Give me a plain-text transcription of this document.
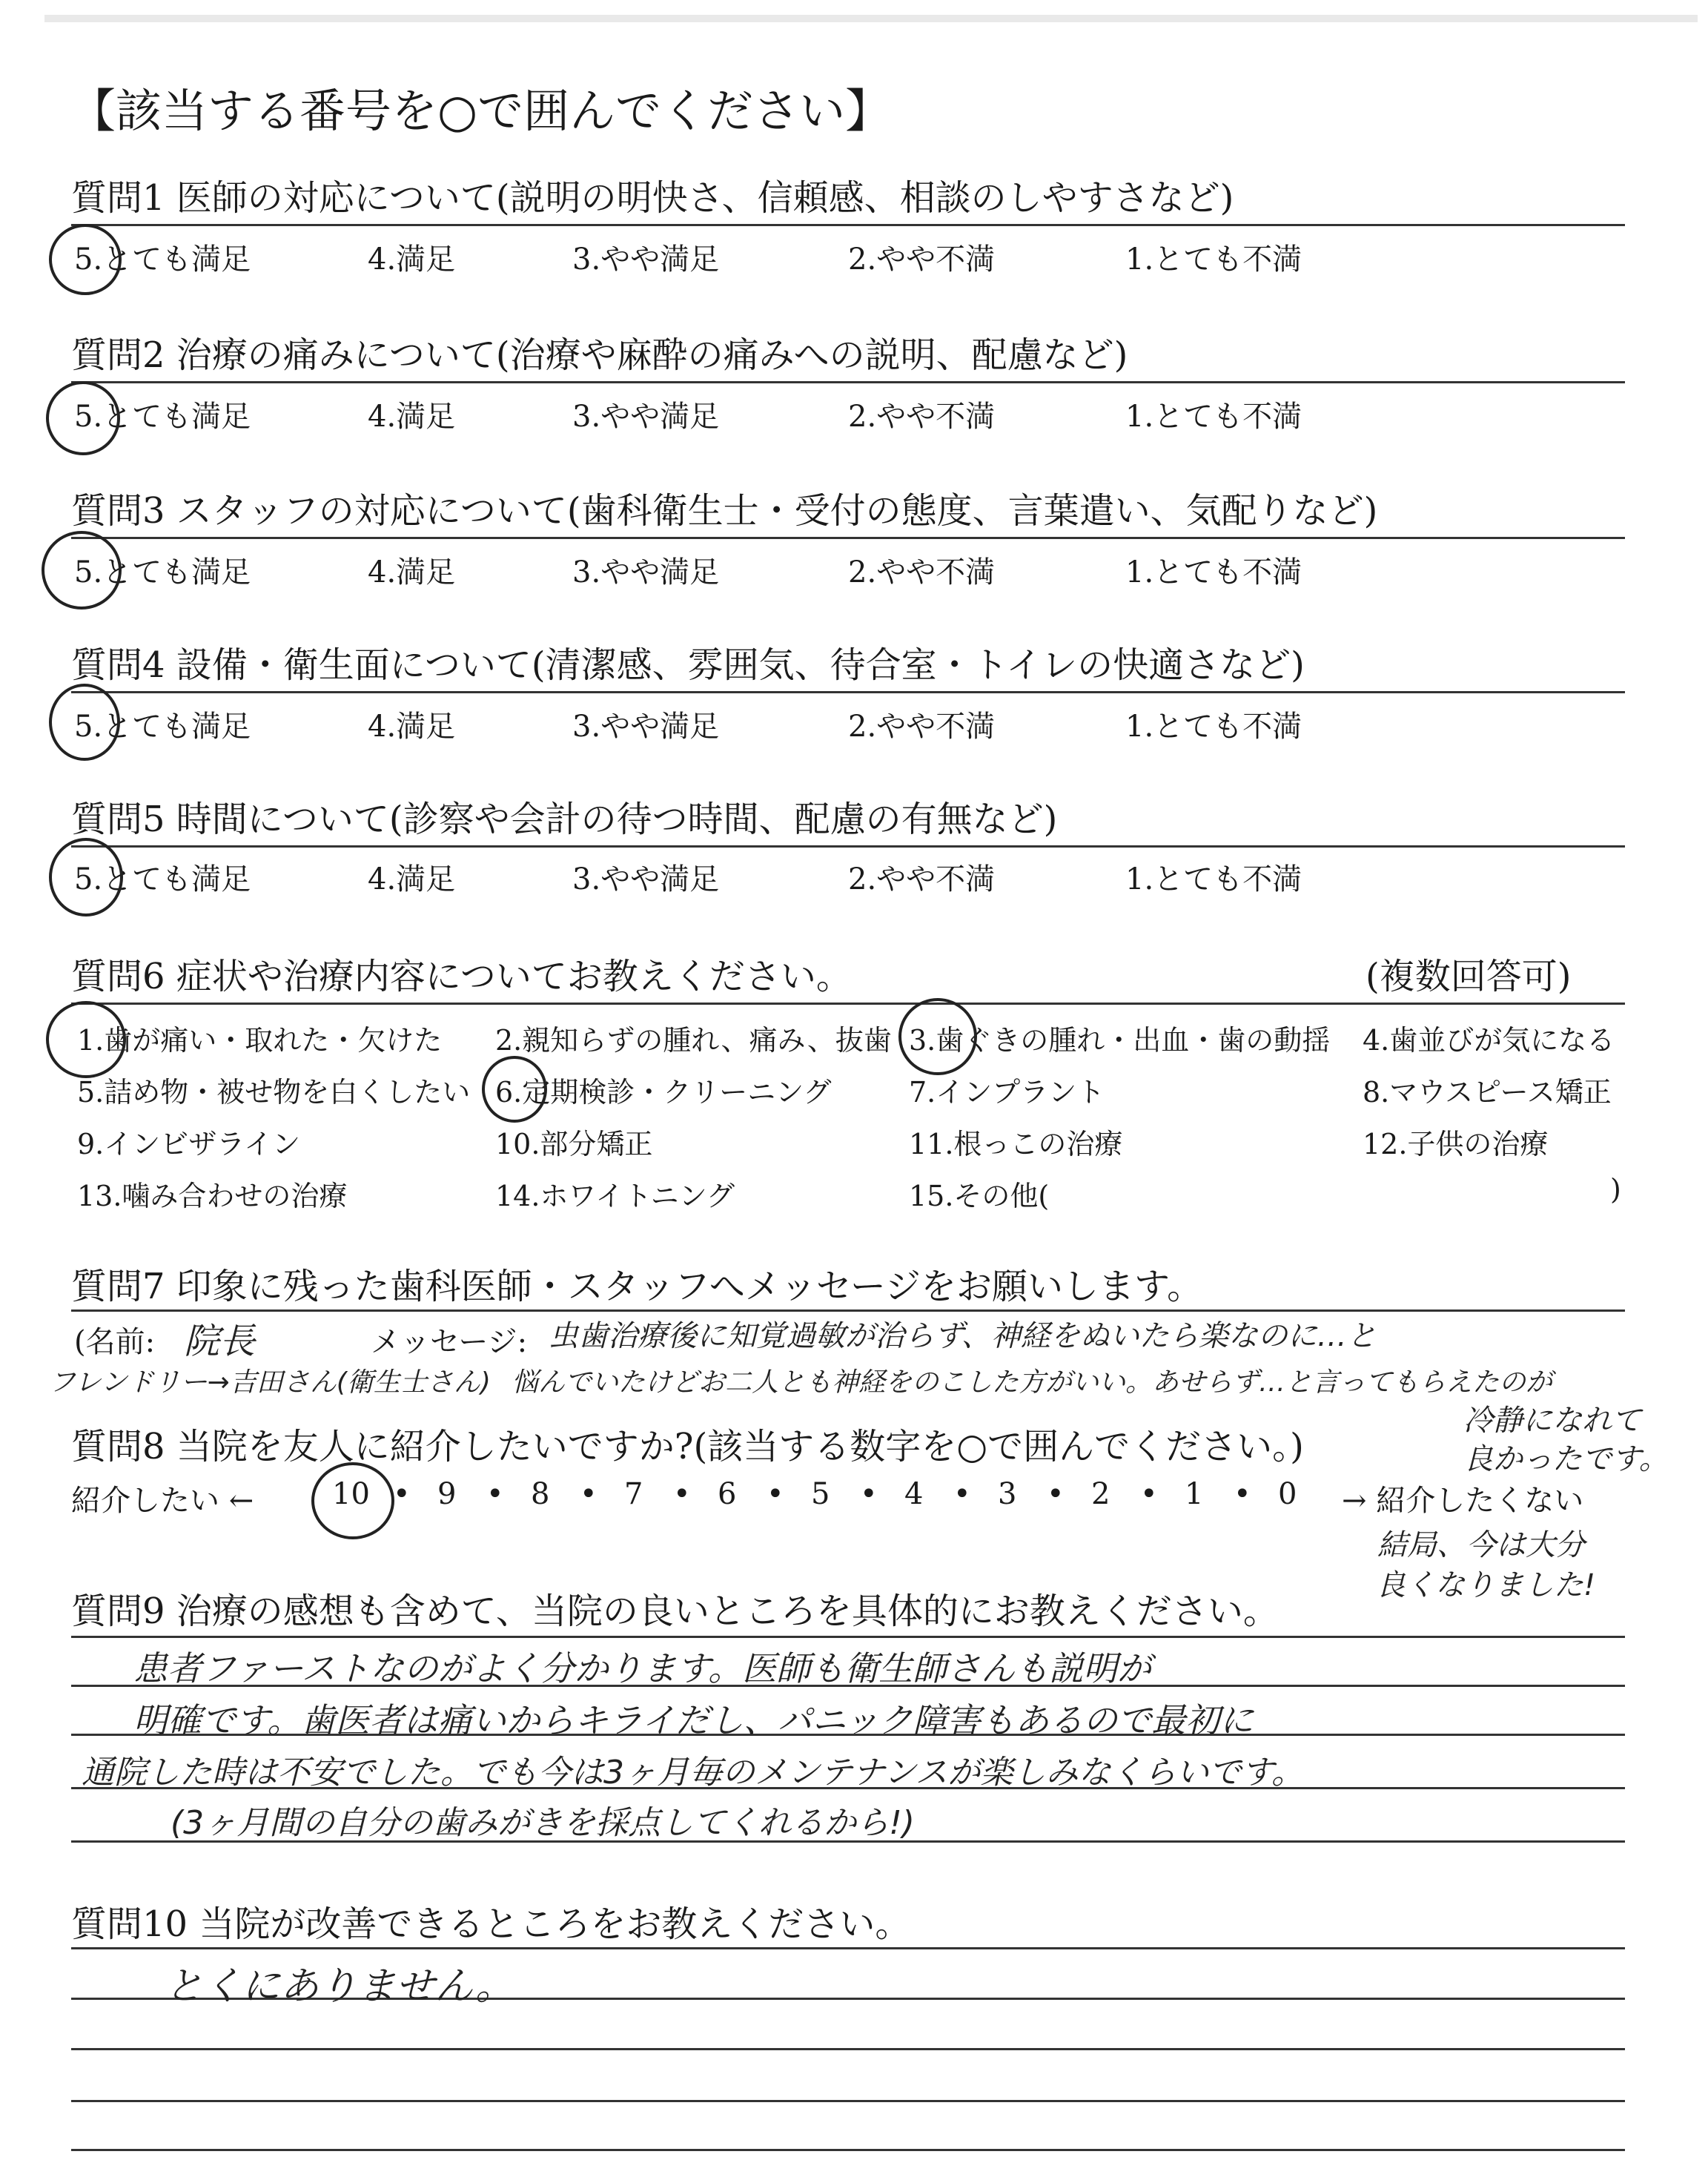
【該当する番号を○で囲んでください】
質問1 医師の対応について(説明の明快さ、信頼感、相談のしやすさなど)
5.とても満足	4.満足	3.やや満足	2.やや不満	1.とても不満
質問2 治療の痛みについて(治療や麻酔の痛みへの説明、配慮など)
5.とても満足	4.満足	3.やや満足	2.やや不満	1.とても不満
質問3 スタッフの対応について(歯科衛生士・受付の態度、言葉遣い、気配りなど)
5.とても満足	4.満足	3.やや満足	2.やや不満	1.とても不満
質問4 設備・衛生面について(清潔感、雰囲気、待合室・トイレの快適さなど)
5.とても満足	4.満足	3.やや満足	2.やや不満	1.とても不満
質問5 時間について(診察や会計の待つ時間、配慮の有無など)
5.とても満足	4.満足	3.やや満足	2.やや不満	1.とても不満
質問6 症状や治療内容についてお教えください。	(複数回答可)
1.歯が痛い・取れた・欠けた 2.親知らずの腫れ、痛み、抜歯 3.歯ぐきの腫れ・出血・歯の動揺 4.歯並びが気になる
5.詰め物・被せ物を白くしたい 6.定期検診・クリーニング	7.インプラント	8.マウスピース矯正
9.インビザライン	10.部分矯正	11.根っこの治療	12.子供の治療
13.噛み合わせの治療	14.ホワイトニング	15.その他(	)
質問7 印象に残った歯科医師・スタッフへメッセージをお願いします。
(名前: 院長	メッセージ: 虫歯治療後に知覚過敏が治らず、神経をぬいたら楽なのに…と
フレンドリー→吉田さん(衛生士さん) 悩んでいたけどお二人とも神経をのこした方がいい。あせらず…と言ってもらえたのが
冷静になれて
良かったです。
質問8 当院を友人に紹介したいですか?(該当する数字を○で囲んでください。)
紹介したい ←	10 9	8	7	6	5	4	3	2	1	0
•	•	•	•	•	•	•	•	•	•	→ 紹介したくない
結局、今は大分
良くなりました!
質問9 治療の感想も含めて、当院の良いところを具体的にお教えください。
患者ファーストなのがよく分かります。医師も衛生師さんも説明が
明確です。歯医者は痛いからキライだし、パニック障害もあるので最初に
通院した時は不安でした。でも今は3ヶ月毎のメンテナンスが楽しみなくらいです。
(3ヶ月間の自分の歯みがきを採点してくれるから!)
質問10 当院が改善できるところをお教えください。
とくにありません。
